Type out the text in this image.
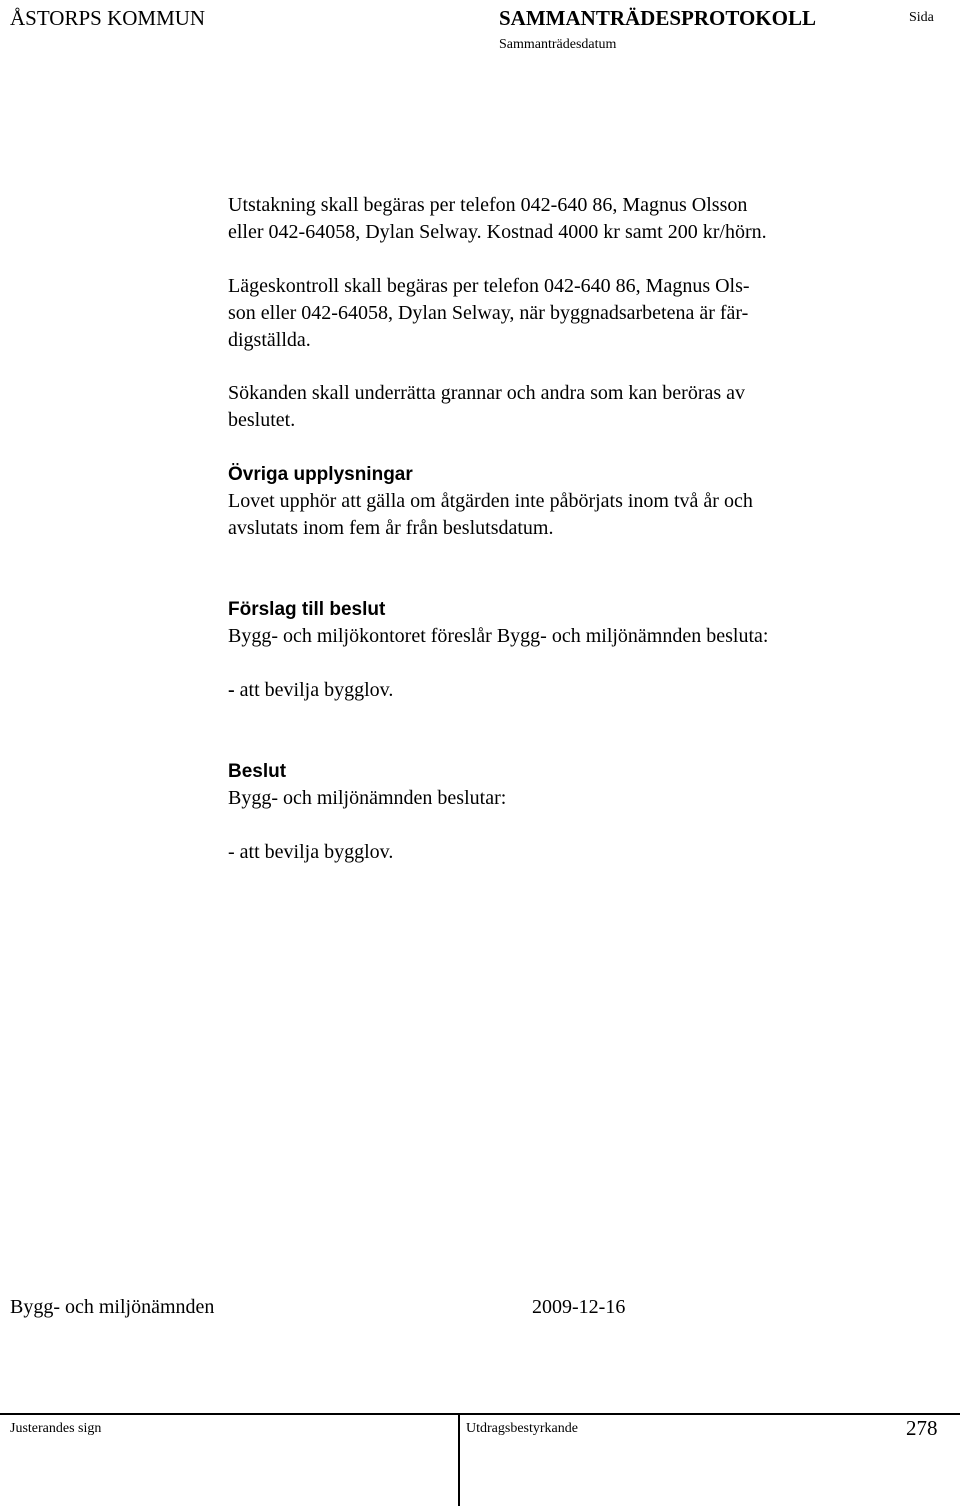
ÅSTORPS KOMMUN	SAMMANTRÄDESPROTOKOLL
Sammanträdesdatum
Sida
Utstakning skall begäras per telefon 042-640 86, Magnus Olsson
eller 042-64058, Dylan Selway. Kostnad 4000 kr samt 200 kr/hörn.
Lägeskontroll skall begäras per telefon 042-640 86, Magnus Ols-
son eller 042-64058, Dylan Selway, när byggnadsarbetena är fär-
digställda.
Sökanden skall underrätta grannar och andra som kan beröras av
beslutet.
Övriga upplysningar
Lovet upphör att gälla om åtgärden inte påbörjats inom två år och
avslutats inom fem år från beslutsdatum.
Förslag till beslut
Bygg- och miljökontoret föreslår Bygg- och miljönämnden besluta:
- att bevilja bygglov.
Beslut
Bygg- och miljönämnden beslutar:
- att bevilja bygglov.
Bygg- och miljönämnden	2009-12-16
Justerandes sign	Utdragsbestyrkande	278
